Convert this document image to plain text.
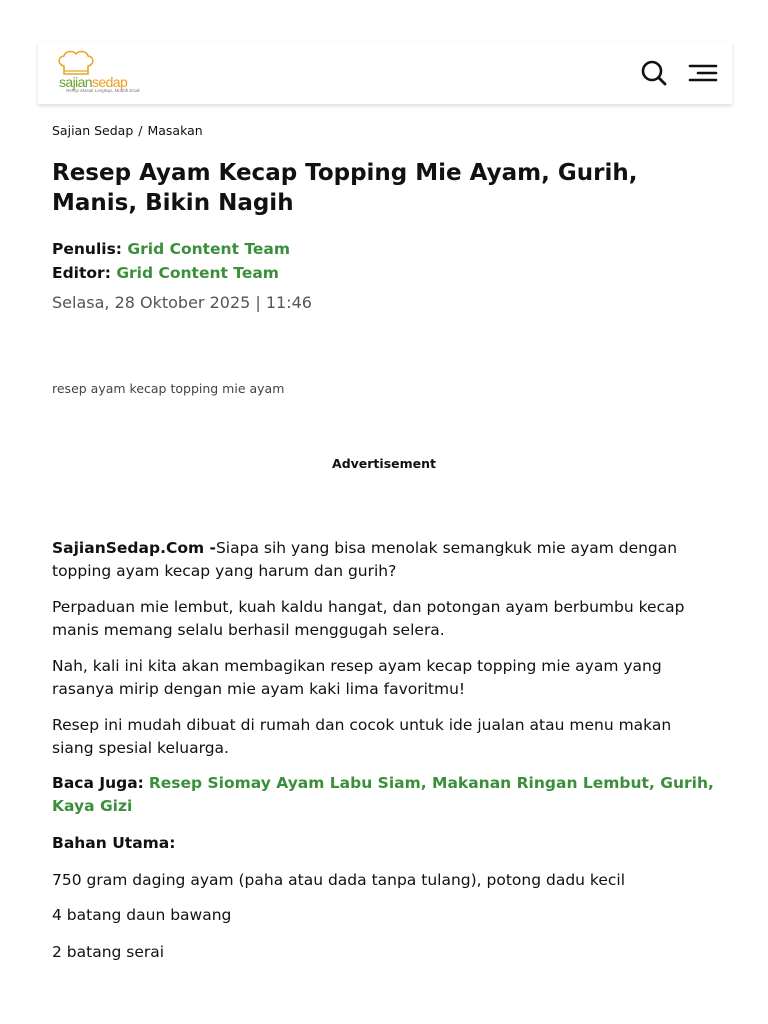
sajiansedap
Resep Masak Lengkap, Mudah Enak
Sajian Sedap / Masakan
Resep Ayam Kecap Topping Mie Ayam, Gurih, Manis, Bikin Nagih
Penulis: Grid Content Team
Editor: Grid Content Team
Selasa, 28 Oktober 2025 | 11:46
resep ayam kecap topping mie ayam
Advertisement

SajianSedap.Com -Siapa sih yang bisa menolak semangkuk mie ayam dengan topping ayam kecap yang harum dan gurih?

Perpaduan mie lembut, kuah kaldu hangat, dan potongan ayam berbumbu kecap manis memang selalu berhasil menggugah selera.

Nah, kali ini kita akan membagikan resep ayam kecap topping mie ayam yang rasanya mirip dengan mie ayam kaki lima favoritmu!

Resep ini mudah dibuat di rumah dan cocok untuk ide jualan atau menu makan siang spesial keluarga.

Baca Juga: Resep Siomay Ayam Labu Siam, Makanan Ringan Lembut, Gurih, Kaya Gizi

Bahan Utama:

750 gram daging ayam (paha atau dada tanpa tulang), potong dadu kecil

4 batang daun bawang

2 batang serai
